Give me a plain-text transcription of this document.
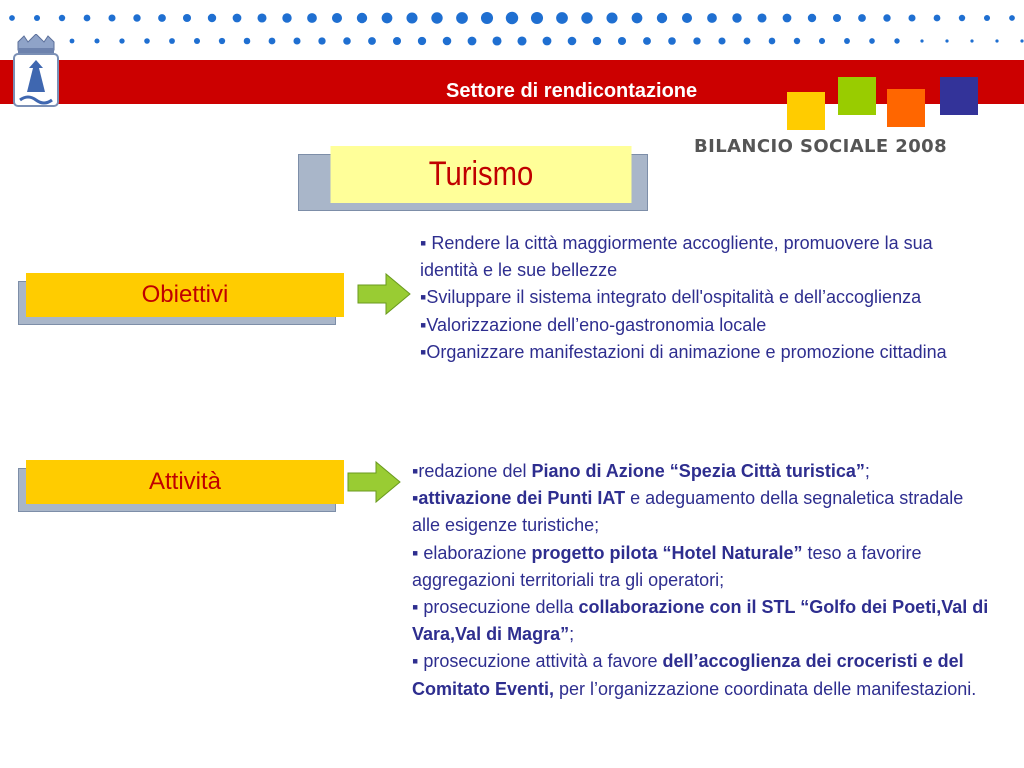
Settore di rendicontazione
BILANCIO SOCIALE 2008
Turismo
Obiettivi

▪ Rendere la città maggiormente accogliente, promuovere la sua identità e le sue bellezze

▪Sviluppare il sistema integrato dell'ospitalità e dell’accoglienza

▪Valorizzazione dell’eno-gastronomia locale

▪Organizzare manifestazioni di animazione e promozione cittadina

Attività	▪redazione del Piano di Azione “Spezia Città turistica”;

▪attivazione dei Punti IAT e adeguamento della segnaletica stradale alle esigenze turistiche;

▪ elaborazione progetto pilota “Hotel Naturale” teso a favorire aggregazioni territoriali tra gli operatori;

▪ prosecuzione della collaborazione con il STL “Golfo dei Poeti,Val di Vara,Val di Magra”;

▪ prosecuzione attività a favore dell’accoglienza dei croceristi e del Comitato Eventi, per l’organizzazione coordinata delle manifestazioni.
